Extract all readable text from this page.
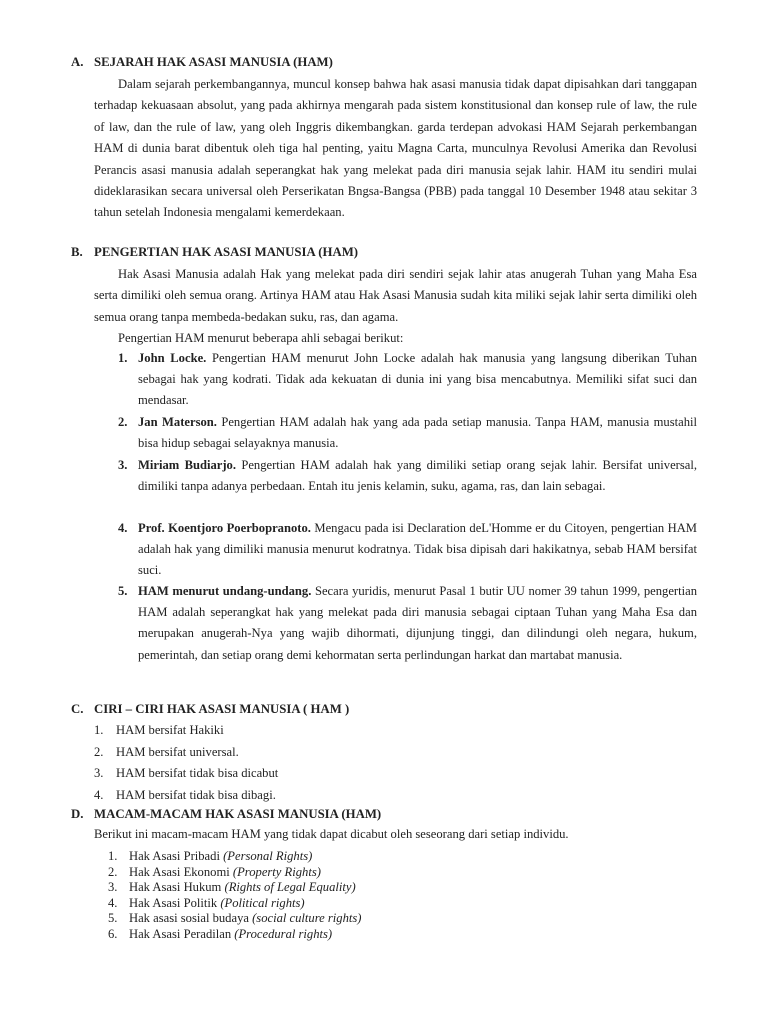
A. SEJARAH HAK ASASI MANUSIA (HAM)

Dalam sejarah perkembangannya, muncul konsep bahwa hak asasi manusia tidak dapat dipisahkan dari tanggapan terhadap kekuasaan absolut, yang pada akhirnya mengarah pada sistem konstitusional dan konsep rule of law, the rule of law, dan the rule of law, yang oleh Inggris dikembangkan. garda terdepan advokasi HAM Sejarah perkembangan HAM di dunia barat dibentuk oleh tiga hal penting, yaitu Magna Carta, munculnya Revolusi Amerika dan Revolusi Perancis asasi manusia adalah seperangkat hak yang melekat pada diri manusia sejak lahir. HAM itu sendiri mulai dideklarasikan secara universal oleh Perserikatan Bngsa-Bangsa (PBB) pada tanggal 10 Desember 1948 atau sekitar 3 tahun setelah Indonesia mengalami kemerdekaan.

B. PENGERTIAN HAK ASASI MANUSIA (HAM)

Hak Asasi Manusia adalah Hak yang melekat pada diri sendiri sejak lahir atas anugerah Tuhan yang Maha Esa serta dimiliki oleh semua orang. Artinya HAM atau Hak Asasi Manusia sudah kita miliki sejak lahir serta dimiliki oleh semua orang tanpa membeda-bedakan suku, ras, dan agama.

Pengertian HAM menurut beberapa ahli sebagai berikut:

1. John Locke. Pengertian HAM menurut John Locke adalah hak manusia yang langsung diberikan Tuhan sebagai hak yang kodrati. Tidak ada kekuatan di dunia ini yang bisa mencabutnya. Memiliki sifat suci dan mendasar.
2. Jan Materson. Pengertian HAM adalah hak yang ada pada setiap manusia. Tanpa HAM, manusia mustahil bisa hidup sebagai selayaknya manusia.
3. Miriam Budiarjo. Pengertian HAM adalah hak yang dimiliki setiap orang sejak lahir. Bersifat universal, dimiliki tanpa adanya perbedaan. Entah itu jenis kelamin, suku, agama, ras, dan lain sebagai.
4. Prof. Koentjoro Poerbopranoto. Mengacu pada isi Declaration deL'Homme er du Citoyen, pengertian HAM adalah hak yang dimiliki manusia menurut kodratnya. Tidak bisa dipisah dari hakikatnya, sebab HAM bersifat suci.
5. HAM menurut undang-undang. Secara yuridis, menurut Pasal 1 butir UU nomer 39 tahun 1999, pengertian HAM adalah seperangkat hak yang melekat pada diri manusia sebagai ciptaan Tuhan yang Maha Esa dan merupakan anugerah-Nya yang wajib dihormati, dijunjung tinggi, dan dilindungi oleh negara, hukum, pemerintah, dan setiap orang demi kehormatan serta perlindungan harkat dan martabat manusia.
C. CIRI – CIRI HAK ASASI MANUSIA ( HAM )
1. HAM bersifat Hakiki
2. HAM bersifat universal.
3. HAM bersifat tidak bisa dicabut
4. HAM bersifat tidak bisa dibagi.
D. MACAM-MACAM HAK ASASI MANUSIA (HAM)

Berikut ini macam-macam HAM yang tidak dapat dicabut oleh seseorang dari setiap individu.

1. Hak Asasi Pribadi (Personal Rights)
2. Hak Asasi Ekonomi (Property Rights)
3. Hak Asasi Hukum (Rights of Legal Equality)
4. Hak Asasi Politik (Political rights)
5. Hak asasi sosial budaya (social culture rights)
6. Hak Asasi Peradilan (Procedural rights)
